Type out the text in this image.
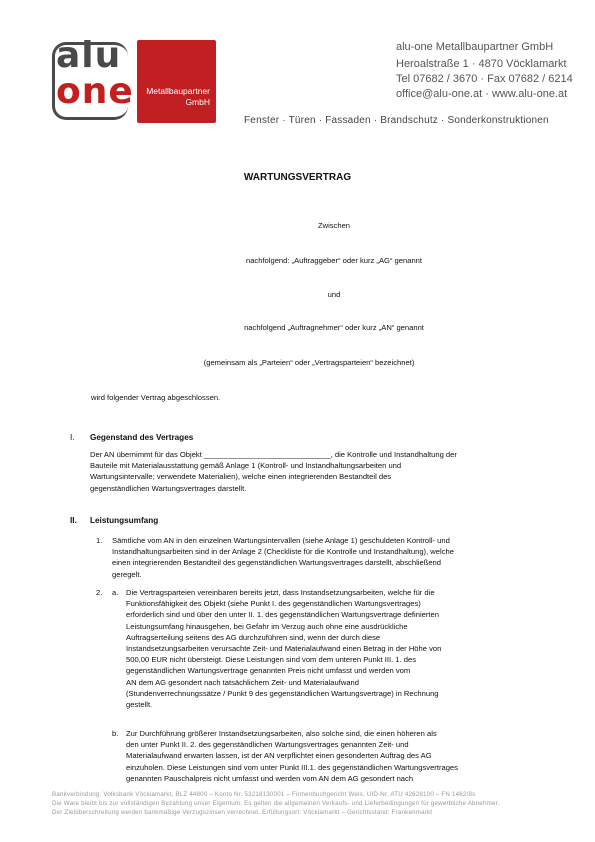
alu
one Metallbaupartner
GmbH
alu-one Metallbaupartner GmbH
Heroalstraße 1 · 4870 Vöcklamarkt
Tel 07682 / 3670 · Fax 07682 / 6214
office@alu-one.at · www.alu-one.at
Fenster · Türen · Fassaden · Brandschutz · Sonderkonstruktionen
WARTUNGSVERTRAG
Zwischen
nachfolgend: „Auftraggeber“ oder kurz „AG“ genannt
und
nachfolgend „Auftragnehmer“ oder kurz „AN“ genannt
(gemeinsam als „Parteien“ oder „Vertragsparteien“ bezeichnet)
wird folgender Vertrag abgeschlossen.
I. Gegenstand des Vertrages
Der AN übernimmt für das Objekt ______________________________, die Kontrolle und Instandhaltung der
Bauteile mit Materialausstattung gemäß Anlage 1 (Kontroll- und Instandhaltungsarbeiten und
Wartungsintervalle; verwendete Materialien), welche einen integrierenden Bestandteil des
gegenständlichen Wartungsvertrages darstellt.
II. Leistungsumfang
1. Sämtliche vom AN in den einzelnen Wartungsintervallen (siehe Anlage 1) geschuldeten Kontroll- und
Instandhaltungsarbeiten sind in der Anlage 2 (Checkliste für die Kontrolle und Instandhaltung), welche
einen integrierenden Bestandteil des gegenständlichen Wartungsvertrages darstellt, abschließend
geregelt.
2. a. Die Vertragsparteien vereinbaren bereits jetzt, dass Instandsetzungsarbeiten, welche für die
Funktionsfähigkeit des Objekt (siehe Punkt I. des gegenständlichen Wartungsvertrages)
erforderlich sind und über den unter II. 1. des gegenständlichen Wartungsvertrage definierten
Leistungsumfang hinausgehen, bei Gefahr im Verzug auch ohne eine ausdrückliche
Auftragserteilung seitens des AG durchzuführen sind, wenn der durch diese
Instandsetzungsarbeiten verursachte Zeit- und Materialaufwand einen Betrag in der Höhe von
500,00 EUR nicht übersteigt. Diese Leistungen sind vom dem unteren Punkt III. 1. des
gegenständlichen Wartungsvertrage genannten Preis nicht umfasst und werden vom
AN dem AG gesondert nach tatsächlichem Zeit- und Materialaufwand
(Stundenverrechnungssätze / Punkt 9 des gegenständlichen Wartungsvertrage) in Rechnung
gestellt.
b. Zur Durchführung größerer Instandsetzungsarbeiten, also solche sind, die einen höheren als
den unter Punkt II. 2. des gegenständlichen Wartungsvertrages genannten Zeit- und
Materialaufwand erwarten lassen, ist der AN verpflichtet einen gesonderten Auftrag des AG
einzuholen. Diese Leistungen sind vom unter Punkt III.1. des gegenständlichen Wartungsvertrages
genannten Pauschalpreis nicht umfasst und werden vom AN dem AG gesondert nach
Bankverbindung: Volksbank Vöcklamarkt, BLZ 44800 – Konto Nr. 53218130001 – Firmenbuchgericht Wels, UID-Nr. ATU 42628100 – FN 1462/8s
Die Ware bleibt bis zur vollständigen Bezahlung unser Eigentum. Es gelten die allgemeinen Verkaufs- und Lieferbedingungen für gewerbliche Abnehmer.
Der Zielüberschreitung werden bankmäßige Verzugszinsen verrechnet. Erfüllungsort: Vöcklamarkt – Gerichtsstand: Frankenmarkt
